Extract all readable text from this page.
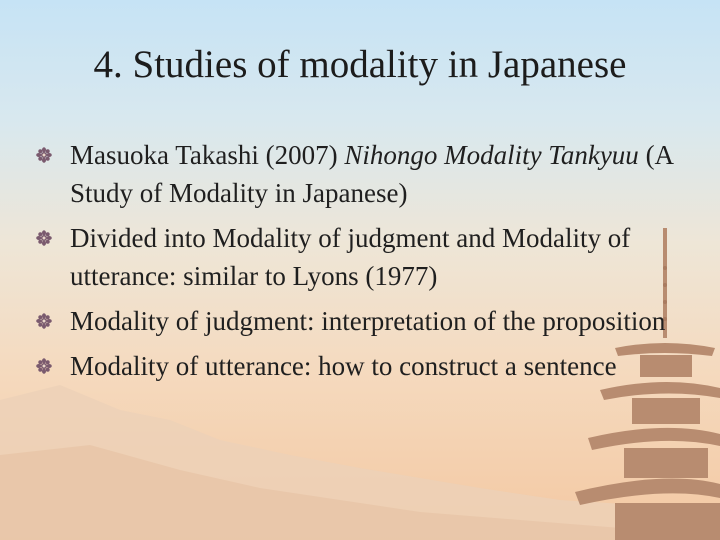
4. Studies of modality in Japanese
Masuoka Takashi (2007) Nihongo Modality Tankyuu (A Study of Modality in Japanese)
Divided into Modality of judgment and Modality of utterance: similar to Lyons (1977)
Modality of judgment: interpretation of the proposition
Modality of utterance: how to construct a sentence
